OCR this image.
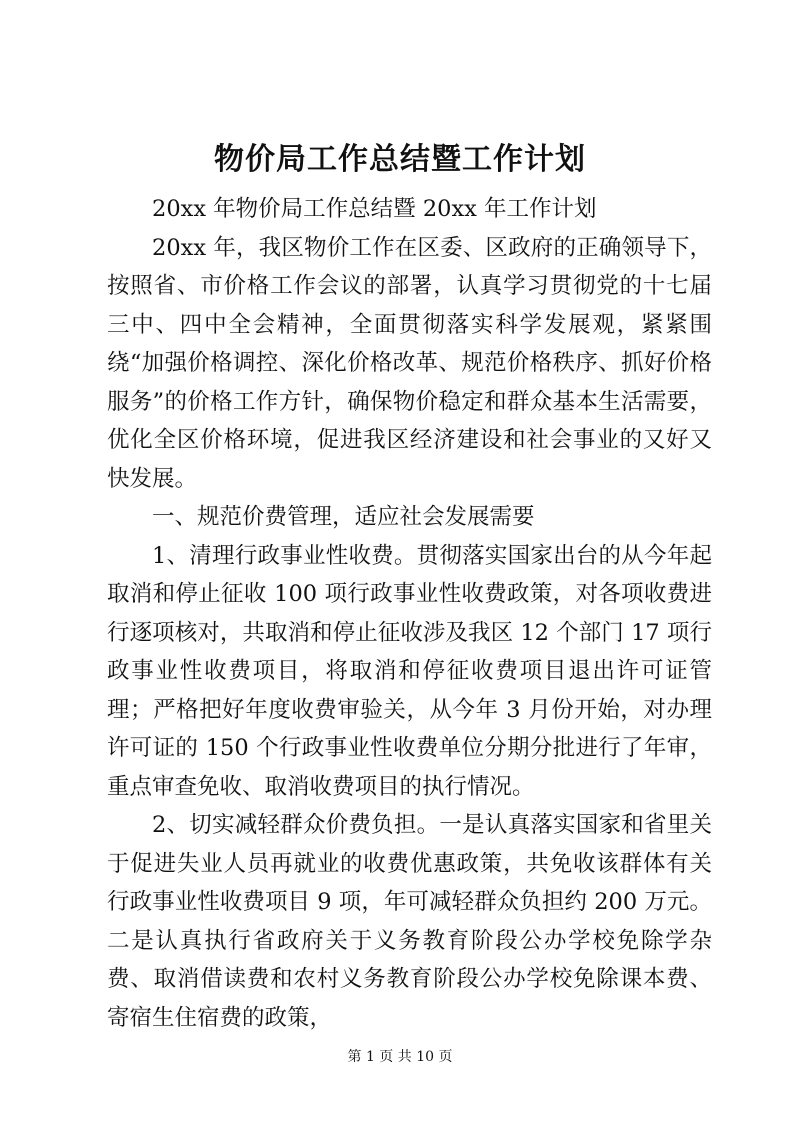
物价局工作总结暨工作计划

20xx 年物价局工作总结暨 20xx 年工作计划

20xx 年，我区物价工作在区委、区政府的正确领导下，按照省、市价格工作会议的部署，认真学习贯彻党的十七届三中、四中全会精神，全面贯彻落实科学发展观，紧紧围绕“加强价格调控、深化价格改革、规范价格秩序、抓好价格服务”的价格工作方针，确保物价稳定和群众基本生活需要，优化全区价格环境，促进我区经济建设和社会事业的又好又快发展。

一、规范价费管理，适应社会发展需要

1、清理行政事业性收费。贯彻落实国家出台的从今年起取消和停止征收 100 项行政事业性收费政策，对各项收费进行逐项核对，共取消和停止征收涉及我区 12 个部门 17 项行政事业性收费项目，将取消和停征收费项目退出许可证管理；严格把好年度收费审验关，从今年 3 月份开始，对办理许可证的 150 个行政事业性收费单位分期分批进行了年审，重点审查免收、取消收费项目的执行情况。

2、切实减轻群众价费负担。一是认真落实国家和省里关于促进失业人员再就业的收费优惠政策，共免收该群体有关行政事业性收费项目 9 项，年可减轻群众负担约 200 万元。二是认真执行省政府关于义务教育阶段公办学校免除学杂费、取消借读费和农村义务教育阶段公办学校免除课本费、寄宿生住宿费的政策，

第 1 页 共 10 页
